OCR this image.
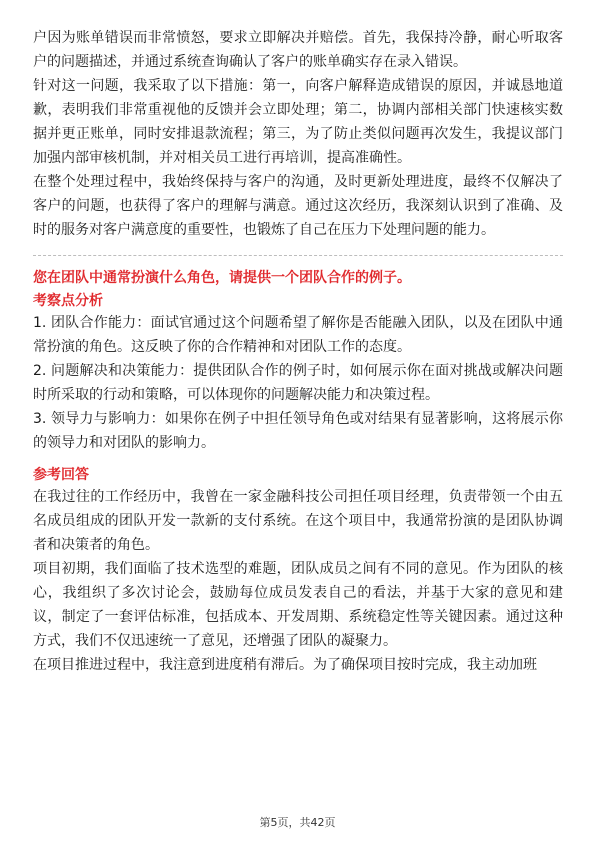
户因为账单错误而非常愤怒，要求立即解决并赔偿。首先，我保持冷静，耐心听取客户的问题描述，并通过系统查询确认了客户的账单确实存在录入错误。

针对这一问题，我采取了以下措施：第一，向客户解释造成错误的原因，并诚恳地道歉，表明我们非常重视他的反馈并会立即处理；第二，协调内部相关部门快速核实数据并更正账单，同时安排退款流程；第三，为了防止类似问题再次发生，我提议部门加强内部审核机制，并对相关员工进行再培训，提高准确性。

在整个处理过程中，我始终保持与客户的沟通，及时更新处理进度，最终不仅解决了客户的问题，也获得了客户的理解与满意。通过这次经历，我深刻认识到了准确、及时的服务对客户满意度的重要性，也锻炼了自己在压力下处理问题的能力。

您在团队中通常扮演什么角色，请提供一个团队合作的例子。
考察点分析

1. 团队合作能力：面试官通过这个问题希望了解你是否能融入团队，以及在团队中通常扮演的角色。这反映了你的合作精神和对团队工作的态度。

2. 问题解决和决策能力：提供团队合作的例子时，如何展示你在面对挑战或解决问题时所采取的行动和策略，可以体现你的问题解决能力和决策过程。

3. 领导力与影响力：如果你在例子中担任领导角色或对结果有显著影响，这将展示你的领导力和对团队的影响力。

参考回答

在我过往的工作经历中，我曾在一家金融科技公司担任项目经理，负责带领一个由五名成员组成的团队开发一款新的支付系统。在这个项目中，我通常扮演的是团队协调者和决策者的角色。

项目初期，我们面临了技术选型的难题，团队成员之间有不同的意见。作为团队的核心，我组织了多次讨论会，鼓励每位成员发表自己的看法，并基于大家的意见和建议，制定了一套评估标准，包括成本、开发周期、系统稳定性等关键因素。通过这种方式，我们不仅迅速统一了意见，还增强了团队的凝聚力。

在项目推进过程中，我注意到进度稍有滞后。为了确保项目按时完成，我主动加班

第5页，共42页
